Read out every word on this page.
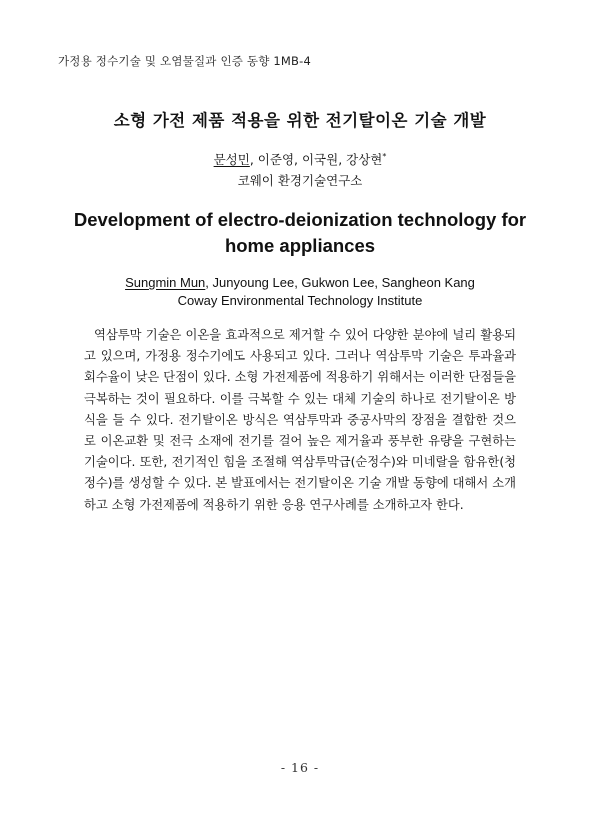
가정용 정수기술 및 오염물질과 인증 동향 1MB-4
소형 가전 제품 적용을 위한 전기탈이온 기술 개발
문성민, 이준영, 이국원, 강상현*
코웨이 환경기술연구소
Development of electro-deionization technology for home appliances
Sungmin Mun, Junyoung Lee, Gukwon Lee, Sangheon Kang
Coway Environmental Technology Institute

역삼투막 기술은 이온을 효과적으로 제거할 수 있어 다양한 분야에 널리 활용되고 있으며, 가정용 정수기에도 사용되고 있다. 그러나 역삼투막 기술은 투과율과 회수율이 낮은 단점이 있다. 소형 가전제품에 적용하기 위해서는 이러한 단점들을 극복하는 것이 필요하다. 이를 극복할 수 있는 대체 기술의 하나로 전기탈이온 방식을 들 수 있다. 전기탈이온 방식은 역삼투막과 중공사막의 장점을 결합한 것으로 이온교환 및 전극 소재에 전기를 걸어 높은 제거율과 풍부한 유량을 구현하는 기술이다. 또한, 전기적인 힘을 조절해 역삼투막급(순정수)와 미네랄을 함유한(청정수)를 생성할 수 있다. 본 발표에서는 전기탈이온 기술 개발 동향에 대해서 소개하고 소형 가전제품에 적용하기 위한 응용 연구사례를 소개하고자 한다.

- 16 -
